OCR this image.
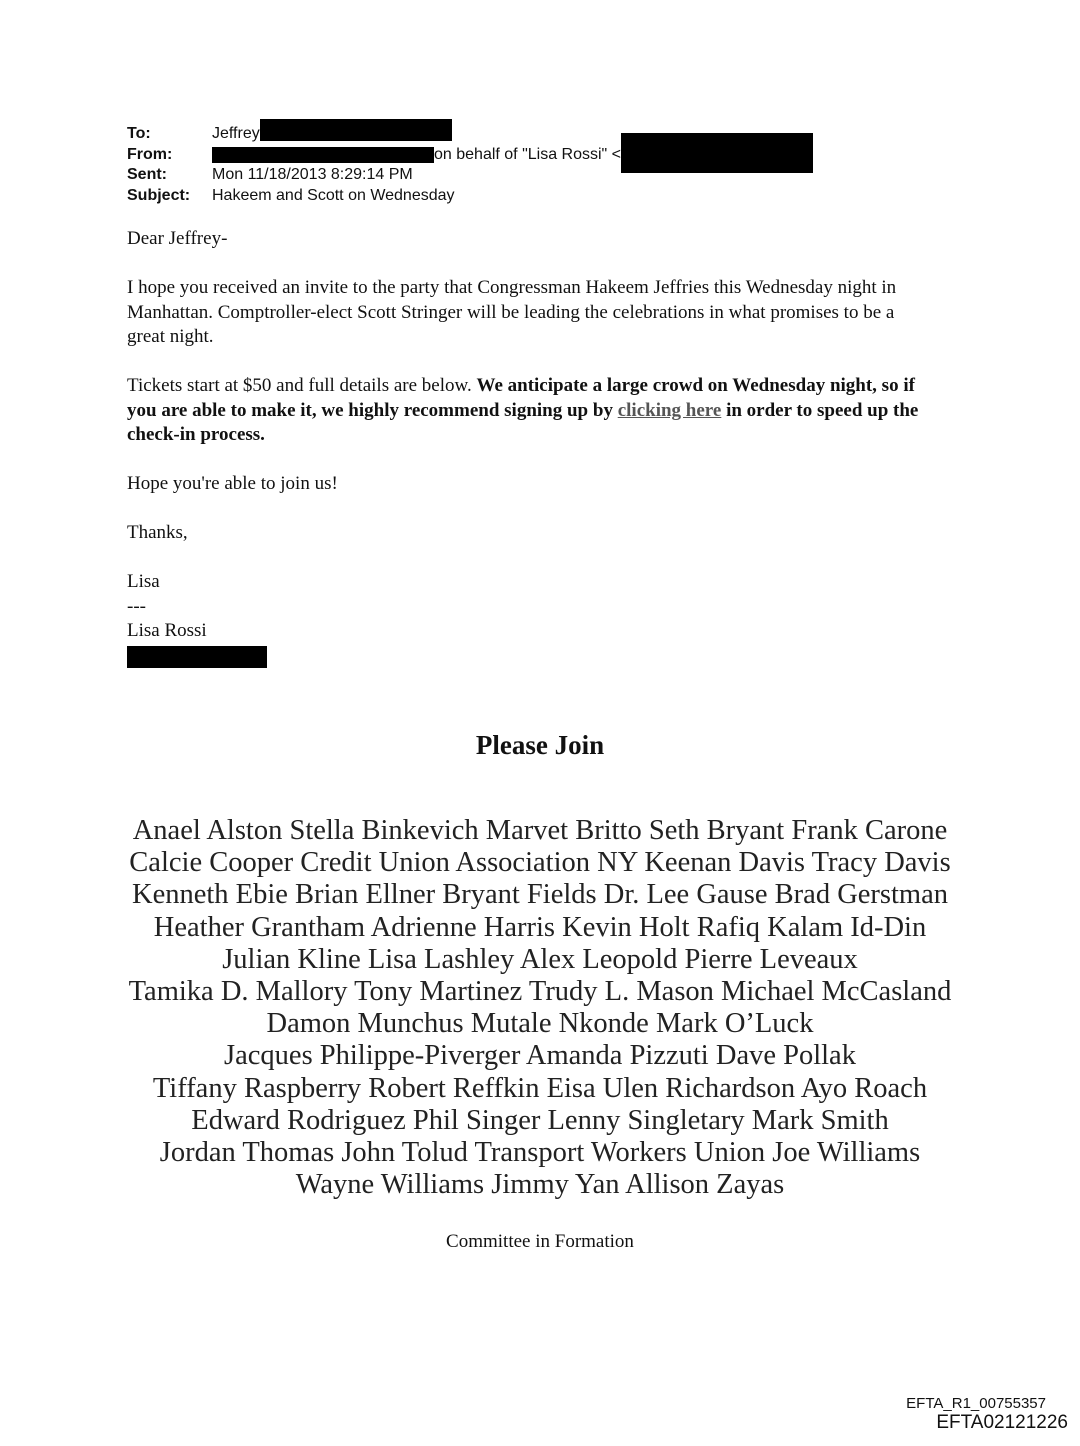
To:	Jeffrey
From:	on behalf of "Lisa Rossi" <
Sent:	Mon 11/18/2013 8:29:14 PM
Subject: Hakeem and Scott on Wednesday

Dear Jeffrey-

I hope you received an invite to the party that Congressman Hakeem Jeffries this Wednesday night in Manhattan. Comptroller-elect Scott Stringer will be leading the celebrations in what promises to be a great night.

Tickets start at $50 and full details are below. We anticipate a large crowd on Wednesday night, so if you are able to make it, we highly recommend signing up by clicking here in order to speed up the check-in process.

Hope you're able to join us!

Thanks,

Lisa
---
Lisa Rossi
Please Join

Anael Alston Stella Binkevich Marvet Britto Seth Bryant Frank Carone Calcie Cooper Credit Union Association NY Keenan Davis Tracy Davis Kenneth Ebie Brian Ellner Bryant Fields Dr. Lee Gause Brad Gerstman Heather Grantham Adrienne Harris Kevin Holt Rafiq Kalam Id-Din Julian Kline Lisa Lashley Alex Leopold Pierre Leveaux Tamika D. Mallory Tony Martinez Trudy L. Mason Michael McCasland Damon Munchus Mutale Nkonde Mark O’Luck

Jacques Philippe-Piverger Amanda Pizzuti Dave Pollak Tiffany Raspberry Robert Reffkin Eisa Ulen Richardson Ayo Roach Edward Rodriguez Phil Singer Lenny Singletary Mark Smith Jordan Thomas John Tolud Transport Workers Union Joe Williams Wayne Williams Jimmy Yan Allison Zayas

Committee in Formation
EFTA_R1_00755357
EFTA02121226
